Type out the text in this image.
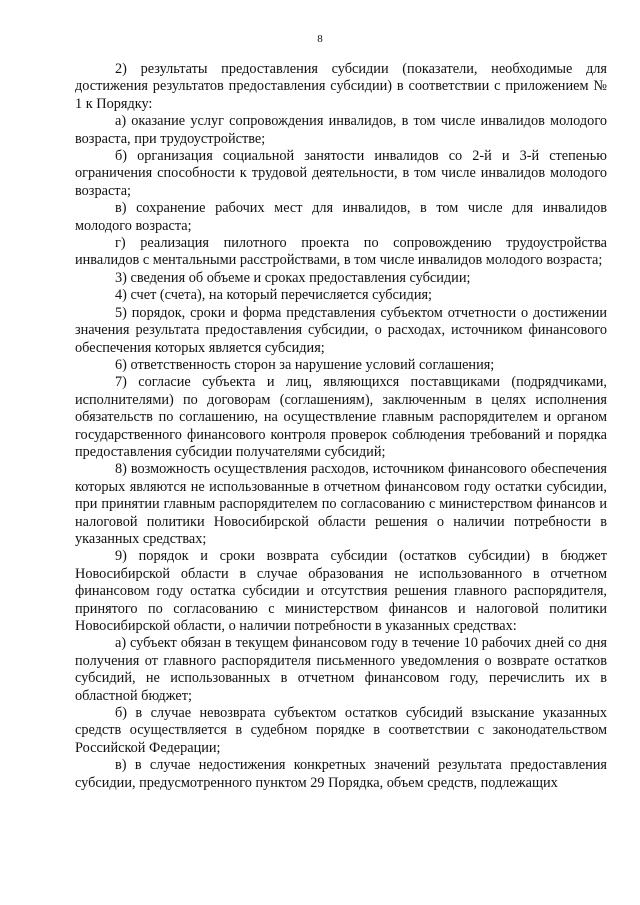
8

2) результаты предоставления субсидии (показатели, необходимые для достижения результатов предоставления субсидии) в соответствии с приложением № 1 к Порядку:

а) оказание услуг сопровождения инвалидов, в том числе инвалидов молодого возраста, при трудоустройстве;

б) организация социальной занятости инвалидов со 2-й и 3-й степенью ограничения способности к трудовой деятельности, в том числе инвалидов молодого возраста;

в) сохранение рабочих мест для инвалидов, в том числе для инвалидов молодого возраста;

г) реализация пилотного проекта по сопровождению трудоустройства инвалидов с ментальными расстройствами, в том числе инвалидов молодого возраста;

3) сведения об объеме и сроках предоставления субсидии;

4) счет (счета), на который перечисляется субсидия;

5) порядок, сроки и форма представления субъектом отчетности о достижении значения результата предоставления субсидии, о расходах, источником финансового обеспечения которых является субсидия;

6) ответственность сторон за нарушение условий соглашения;

7) согласие субъекта и лиц, являющихся поставщиками (подрядчиками, исполнителями) по договорам (соглашениям), заключенным в целях исполнения обязательств по соглашению, на осуществление главным распорядителем и органом государственного финансового контроля проверок соблюдения требований и порядка предоставления субсидии получателями субсидий;

8) возможность осуществления расходов, источником финансового обеспечения которых являются не использованные в отчетном финансовом году остатки субсидии, при принятии главным распорядителем по согласованию с министерством финансов и налоговой политики Новосибирской области решения о наличии потребности в указанных средствах;

9) порядок и сроки возврата субсидии (остатков субсидии) в бюджет Новосибирской области в случае образования не использованного в отчетном финансовом году остатка субсидии и отсутствия решения главного распорядителя, принятого по согласованию с министерством финансов и налоговой политики Новосибирской области, о наличии потребности в указанных средствах:

а) субъект обязан в текущем финансовом году в течение 10 рабочих дней со дня получения от главного распорядителя письменного уведомления о возврате остатков субсидий, не использованных в отчетном финансовом году, перечислить их в областной бюджет;

б) в случае невозврата субъектом остатков субсидий взыскание указанных средств осуществляется в судебном порядке в соответствии с законодательством Российской Федерации;

в) в случае недостижения конкретных значений результата предоставления субсидии, предусмотренного пунктом 29 Порядка, объем средств, подлежащих
